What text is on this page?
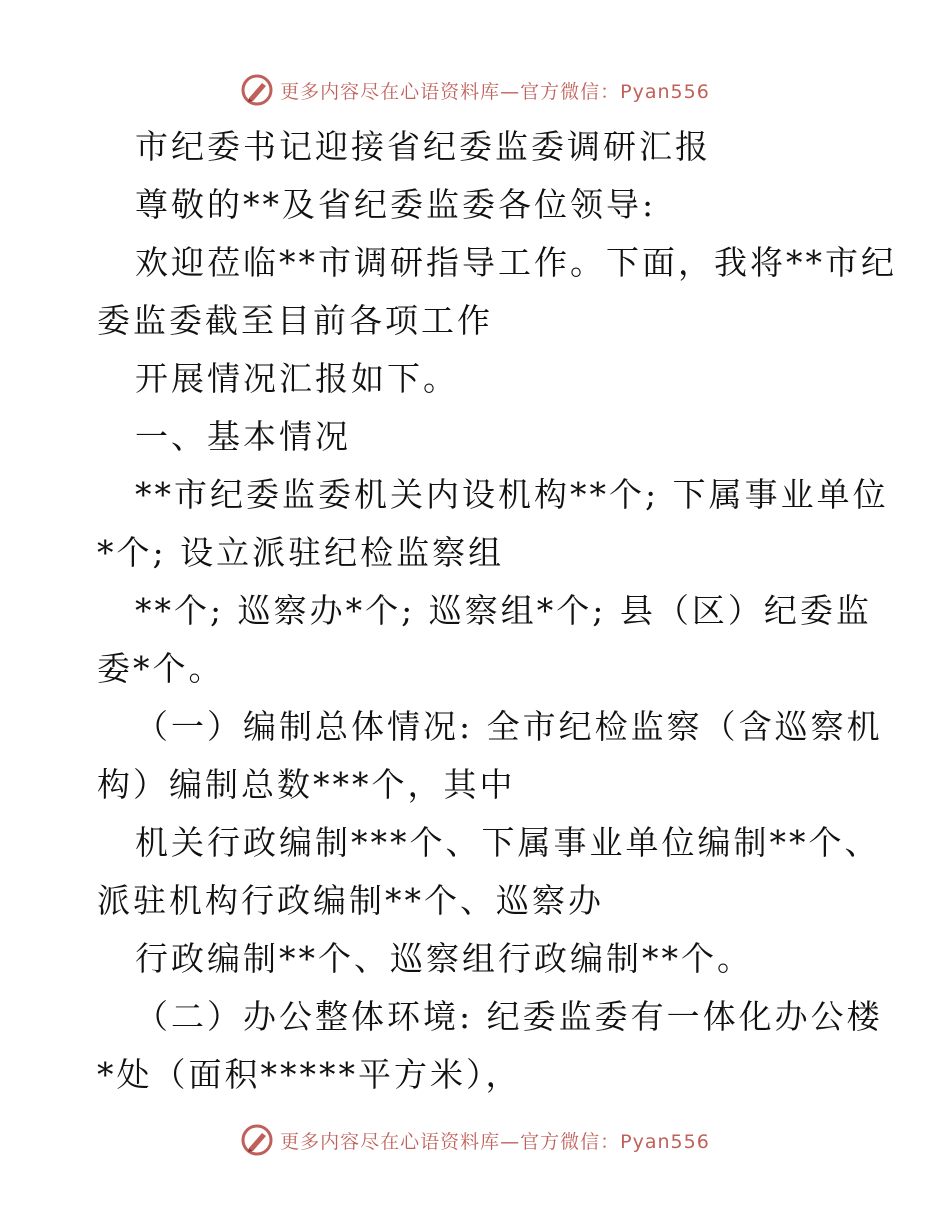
更多内容尽在心语资料库—官方微信：Pyan556
市纪委书记迎接省纪委监委调研汇报
尊敬的**及省纪委监委各位领导:
欢迎莅临**市调研指导工作。下面，我将**市纪
委监委截至目前各项工作
开展情况汇报如下。
一、基本情况
**市纪委监委机关内设机构**个; 下属事业单位
*个; 设立派驻纪检监察组
**个; 巡察办*个; 巡察组*个; 县（区）纪委监
委*个。
（一）编制总体情况: 全市纪检监察（含巡察机
构）编制总数***个，其中
机关行政编制***个、下属事业单位编制**个、
派驻机构行政编制**个、巡察办
行政编制**个、巡察组行政编制**个。
（二）办公整体环境: 纪委监委有一体化办公楼
*处（面积*****平方米），
更多内容尽在心语资料库—官方微信：Pyan556
